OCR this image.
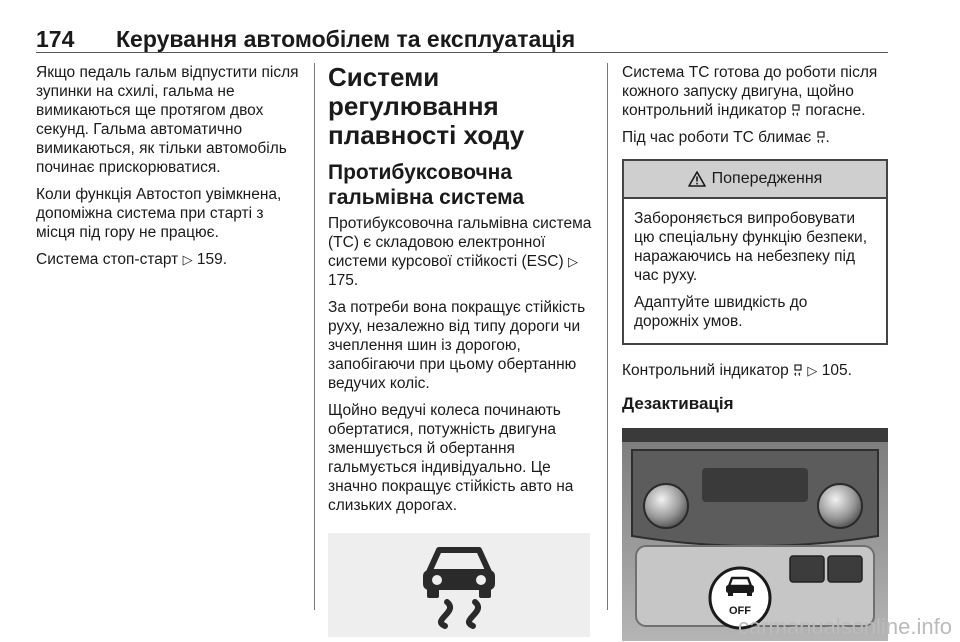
174 Керування автомобілем та експлуатація

Якщо педаль гальм відпустити після зупинки на схилі, гальма не вимикаються ще протягом двох секунд. Гальма автоматично вимикаються, як тільки автомобіль починає прискорюватися.

Коли функція Автостоп увімкнена, допоміжна система при старті з місця під гору не працює.

Система стоп-старт ▷ 159.

Системи регулювання плавності ходу
Протибуксовочна гальмівна система

Протибуксовочна гальмівна система (TC) є складовою електронної системи курсової стійкості (ESC) ▷ 175.

За потреби вона покращує стійкість руху, незалежно від типу дороги чи зчеплення шин із дорогою, запобігаючи при цьому обертанню ведучих коліс.

Щойно ведучі колеса починають обертатися, потужність двигуна зменшується й обертання гальмується індивідуально. Це значно покращує стійкість авто на слизьких дорогах.

Система TC готова до роботи після кожного запуску двигуна, щойно контрольний індикатор погасне.

Під час роботи TC блимає .

Попередження

Забороняється випробовувати цю спеціальну функцію безпеки, наражаючись на небезпеку під час руху.

Адаптуйте швидкість до дорожніх умов.

Контрольний індикатор ▷ 105.

Дезактивація
OFF
carmanualsonline.info
